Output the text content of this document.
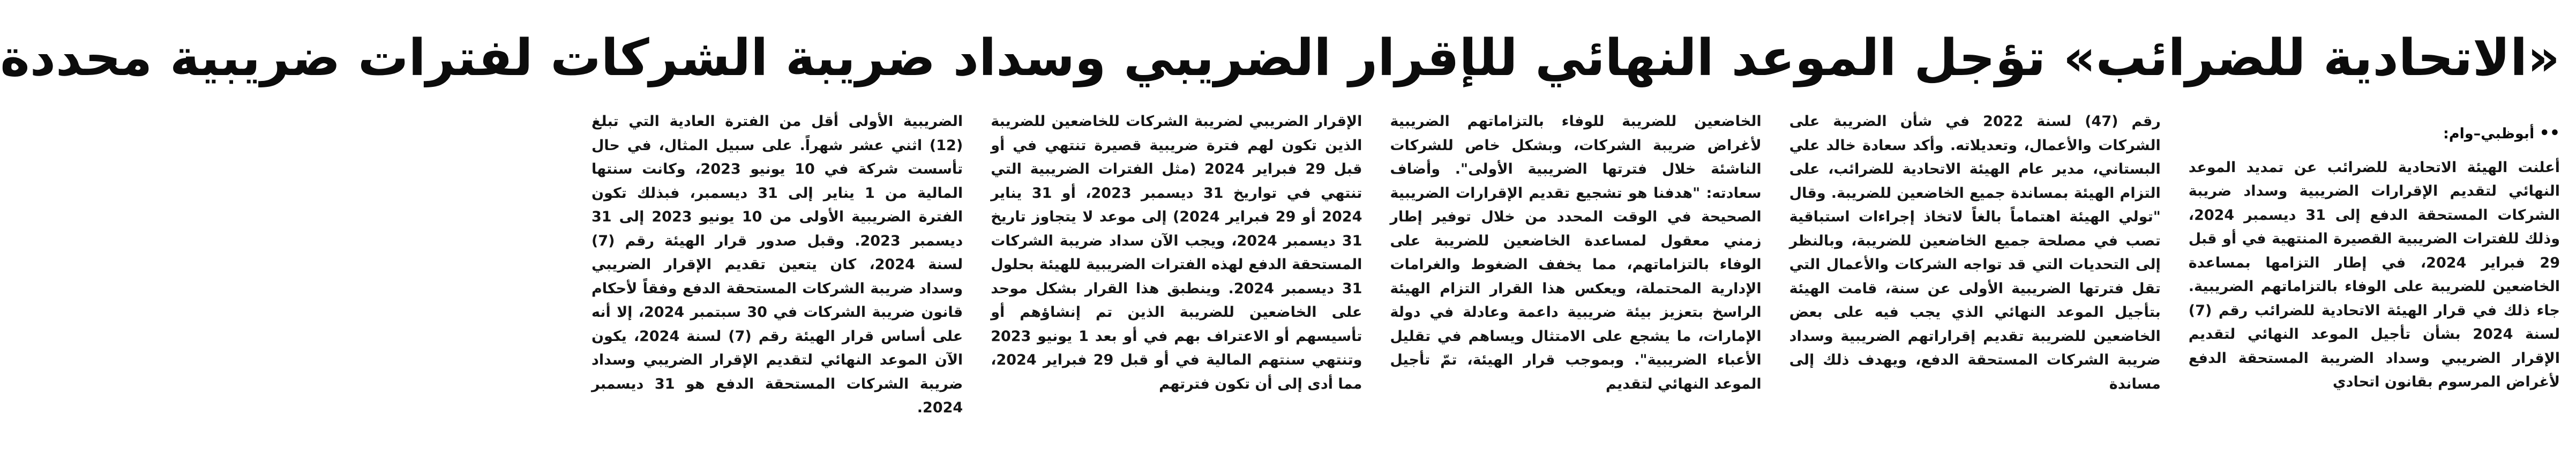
«الاتحادية للضرائب» تؤجل الموعد النهائي للإقرار الضريبي وسداد ضريبة الشركات لفترات ضريبية محددة
•• أبوظبي–وام:

أعلنت الهيئة الاتحادية للضرائب عن تمديد الموعد النهائي لتقديم الإقرارات الضريبية وسداد ضريبة الشركات المستحقة الدفع إلى 31 ديسمبر 2024، وذلك للفترات الضريبية القصيرة المنتهية في أو قبل 29 فبراير 2024، في إطار التزامها بمساعدة الخاضعين للضريبة على الوفاء بالتزاماتهم الضريبية. جاء ذلك في قرار الهيئة الاتحادية للضرائب رقم (7) لسنة 2024 بشأن تأجيل الموعد النهائي لتقديم الإقرار الضريبي وسداد الضريبة المستحقة الدفع لأغراض المرسوم بقانون اتحادي

رقم (47) لسنة 2022 في شأن الضريبة على الشركات والأعمال، وتعديلاته. وأكد سعادة خالد علي البستاني، مدير عام الهيئة الاتحادية للضرائب، على التزام الهيئة بمساندة جميع الخاضعين للضريبة. وقال "تولي الهيئة اهتماماً بالغاً لاتخاذ إجراءات استباقية تصب في مصلحة جميع الخاضعين للضريبة، وبالنظر إلى التحديات التي قد تواجه الشركات والأعمال التي تقل فترتها الضريبية الأولى عن سنة، قامت الهيئة بتأجيل الموعد النهائي الذي يجب فيه على بعض الخاضعين للضريبة تقديم إقراراتهم الضريبية وسداد ضريبة الشركات المستحقة الدفع، ويهدف ذلك إلى مساندة

الخاضعين للضريبة للوفاء بالتزاماتهم الضريبية لأغراض ضريبة الشركات، وبشكل خاص للشركات الناشئة خلال فترتها الضريبية الأولى". وأضاف سعادته: "هدفنا هو تشجيع تقديم الإقرارات الضريبية الصحيحة في الوقت المحدد من خلال توفير إطار زمني معقول لمساعدة الخاضعين للضريبة على الوفاء بالتزاماتهم، مما يخفف الضغوط والغرامات الإدارية المحتملة، ويعكس هذا القرار التزام الهيئة الراسخ بتعزيز بيئة ضريبية داعمة وعادلة في دولة الإمارات، ما يشجع على الامتثال ويساهم في تقليل الأعباء الضريبية". وبموجب قرار الهيئة، تمّ تأجيل الموعد النهائي لتقديم

الإقرار الضريبي لضريبة الشركات للخاضعين للضريبة الذين تكون لهم فترة ضريبية قصيرة تنتهي في أو قبل 29 فبراير 2024 (مثل الفترات الضريبية التي تنتهي في تواريخ 31 ديسمبر 2023، أو 31 يناير 2024 أو 29 فبراير 2024) إلى موعد لا يتجاوز تاريخ 31 ديسمبر 2024، ويجب الآن سداد ضريبة الشركات المستحقة الدفع لهذه الفترات الضريبية للهيئة بحلول 31 ديسمبر 2024. وينطبق هذا القرار بشكل موحد على الخاضعين للضريبة الذين تم إنشاؤهم أو تأسيسهم أو الاعتراف بهم في أو بعد 1 يونيو 2023 وتنتهي سنتهم المالية في أو قبل 29 فبراير 2024، مما أدى إلى أن تكون فترتهم

الضريبية الأولى أقل من الفترة العادية التي تبلغ (12) اثني عشر شهراً. على سبيل المثال، في حال تأسست شركة في 10 يونيو 2023، وكانت سنتها المالية من 1 يناير إلى 31 ديسمبر، فبذلك تكون الفترة الضريبية الأولى من 10 يونيو 2023 إلى 31 ديسمبر 2023. وقبل صدور قرار الهيئة رقم (7) لسنة 2024، كان يتعين تقديم الإقرار الضريبي وسداد ضريبة الشركات المستحقة الدفع وفقاً لأحكام قانون ضريبة الشركات في 30 سبتمبر 2024، إلا أنه على أساس قرار الهيئة رقم (7) لسنة 2024، يكون الآن الموعد النهائي لتقديم الإقرار الضريبي وسداد ضريبة الشركات المستحقة الدفع هو 31 ديسمبر 2024.
